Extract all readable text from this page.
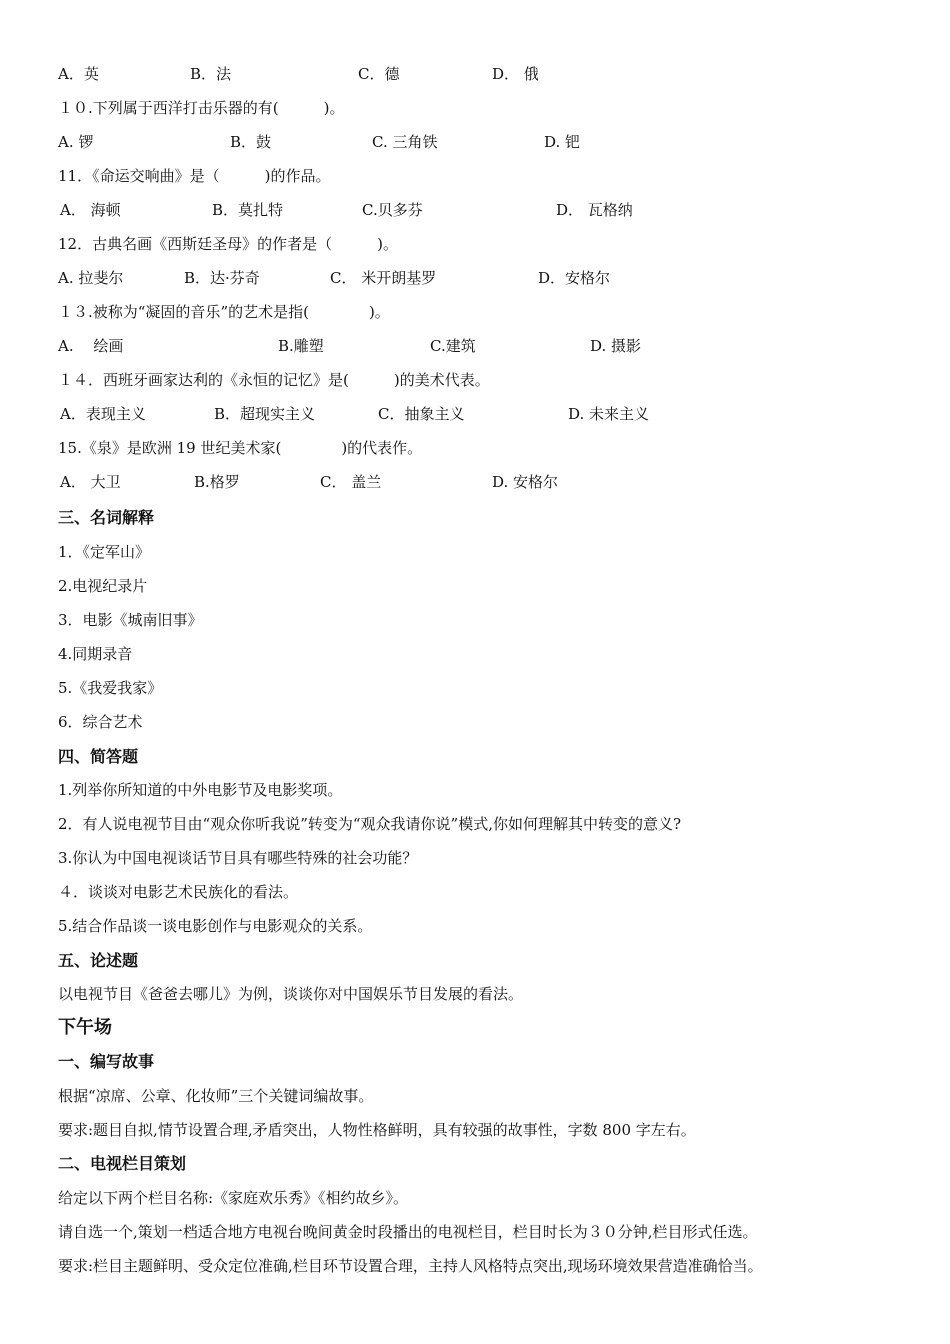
A．英	B．法	C．德	D． 俄
１０.下列属于西洋打击乐器的有(　　　)。
A. 锣	B．鼓	C. 三角铁	D. 钯
11．《命运交响曲》是（　　　)的作品。
A． 海顿	B．莫扎特	C.贝多芬	D． 瓦格纳
12．古典名画《西斯廷圣母》的作者是（　　　)。
A. 拉斐尔	B．达·芬奇	C． 米开朗基罗	D．安格尔
１３.被称为“凝固的音乐”的艺术是指(　　　　)。
A.　 绘画	B.雕塑	C.建筑	D. 摄影
１４．西班牙画家达利的《永恒的记忆》是(　　　)的美术代表。
A．表现主义	B．超现实主义	C．抽象主义	D. 未来主义
15.《泉》是欧洲 19 世纪美术家(　　　　)的代表作。
A． 大卫	B.格罗	C． 盖兰	D. 安格尔
三、名词解释
1．《定军山》
2.电视纪录片
3．电影《城南旧事》
4.同期录音
5.《我爱我家》
6．综合艺术
四、简答题
1.列举你所知道的中外电影节及电影奖项。
2．有人说电视节目由“观众你听我说”转变为“观众我请你说”模式,你如何理解其中转变的意义?
3.你认为中国电视谈话节目具有哪些特殊的社会功能？
４．谈谈对电影艺术民族化的看法。
5.结合作品谈一谈电影创作与电影观众的关系。
五、论述题
以电视节目《爸爸去哪儿》为例，谈谈你对中国娱乐节目发展的看法。
下午场
一、编写故事
根据“凉席、公章、化妆师”三个关键词编故事。
要求:题目自拟,情节设置合理,矛盾突出，人物性格鲜明，具有较强的故事性，字数 800 字左右。
二、电视栏目策划
给定以下两个栏目名称:《家庭欢乐秀》《相约故乡》。
请自选一个,策划一档适合地方电视台晚间黄金时段播出的电视栏目，栏目时长为３０分钟,栏目形式任选。
要求:栏目主题鲜明、受众定位准确,栏目环节设置合理，主持人风格特点突出,现场环境效果营造准确恰当。
